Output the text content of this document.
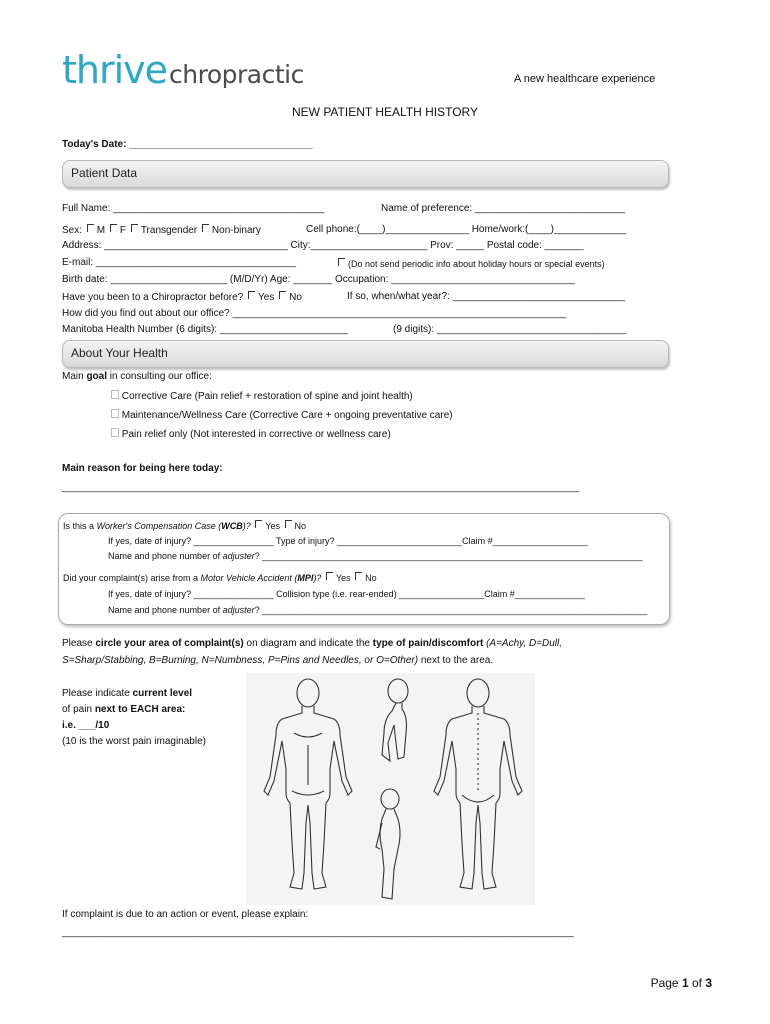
thrivechropractic	A new healthcare experience
NEW PATIENT HEALTH HISTORY
Today's Date: _________________________________
Patient Data
Full Name: ______________________________________	Name of preference: ___________________________
Sex: M F Transgender Non-binary	Cell phone:(____)_______________ Home/work:(____)_____________
Address: _________________________________ City:_____________________ Prov: _____ Postal code: _______
E-mail: ____________________________________	(Do not send periodic info about holiday hours or special events)
Birth date: _____________________ (M/D/Yr) Age: _______ Occupation: _________________________________
Have you been to a Chiropractor before? Yes No	If so, when/what year?: _______________________________
How did you find out about our office? ____________________________________________________________
Manitoba Health Number (6 digits): _______________________	(9 digits): __________________________________
About Your Health
Main goal in consulting our office:
Corrective Care (Pain relief + restoration of spine and joint health)
Maintenance/Wellness Care (Corrective Care + ongoing preventative care)
Pain relief only (Not interested in corrective or wellness care)
Main reason for being here today:
_____________________________________________________________________________________________
Is this a Worker's Compensation Case (WCB)? Yes No
If yes, date of injury? ________________ Type of injury? _________________________Claim #___________________
Name and phone number of adjuster? ____________________________________________________________________________
Did your complaint(s) arise from a Motor Vehicle Accident (MPI)? Yes No
If yes, date of injury? ________________ Collision type (i.e. rear-ended) _________________Claim #______________
Name and phone number of adjuster? _____________________________________________________________________________
Please circle your area of complaint(s) on diagram and indicate the type of pain/discomfort (A=Achy, D=Dull,
S=Sharp/Stabbing, B=Burning, N=Numbness, P=Pins and Needles, or O=Other) next to the area.
Please indicate current level
of pain next to EACH area:
i.e. ___/10
(10 is the worst pain imaginable)
If complaint is due to an action or event, please explain:
____________________________________________________________________________________________
Page 1 of 3
